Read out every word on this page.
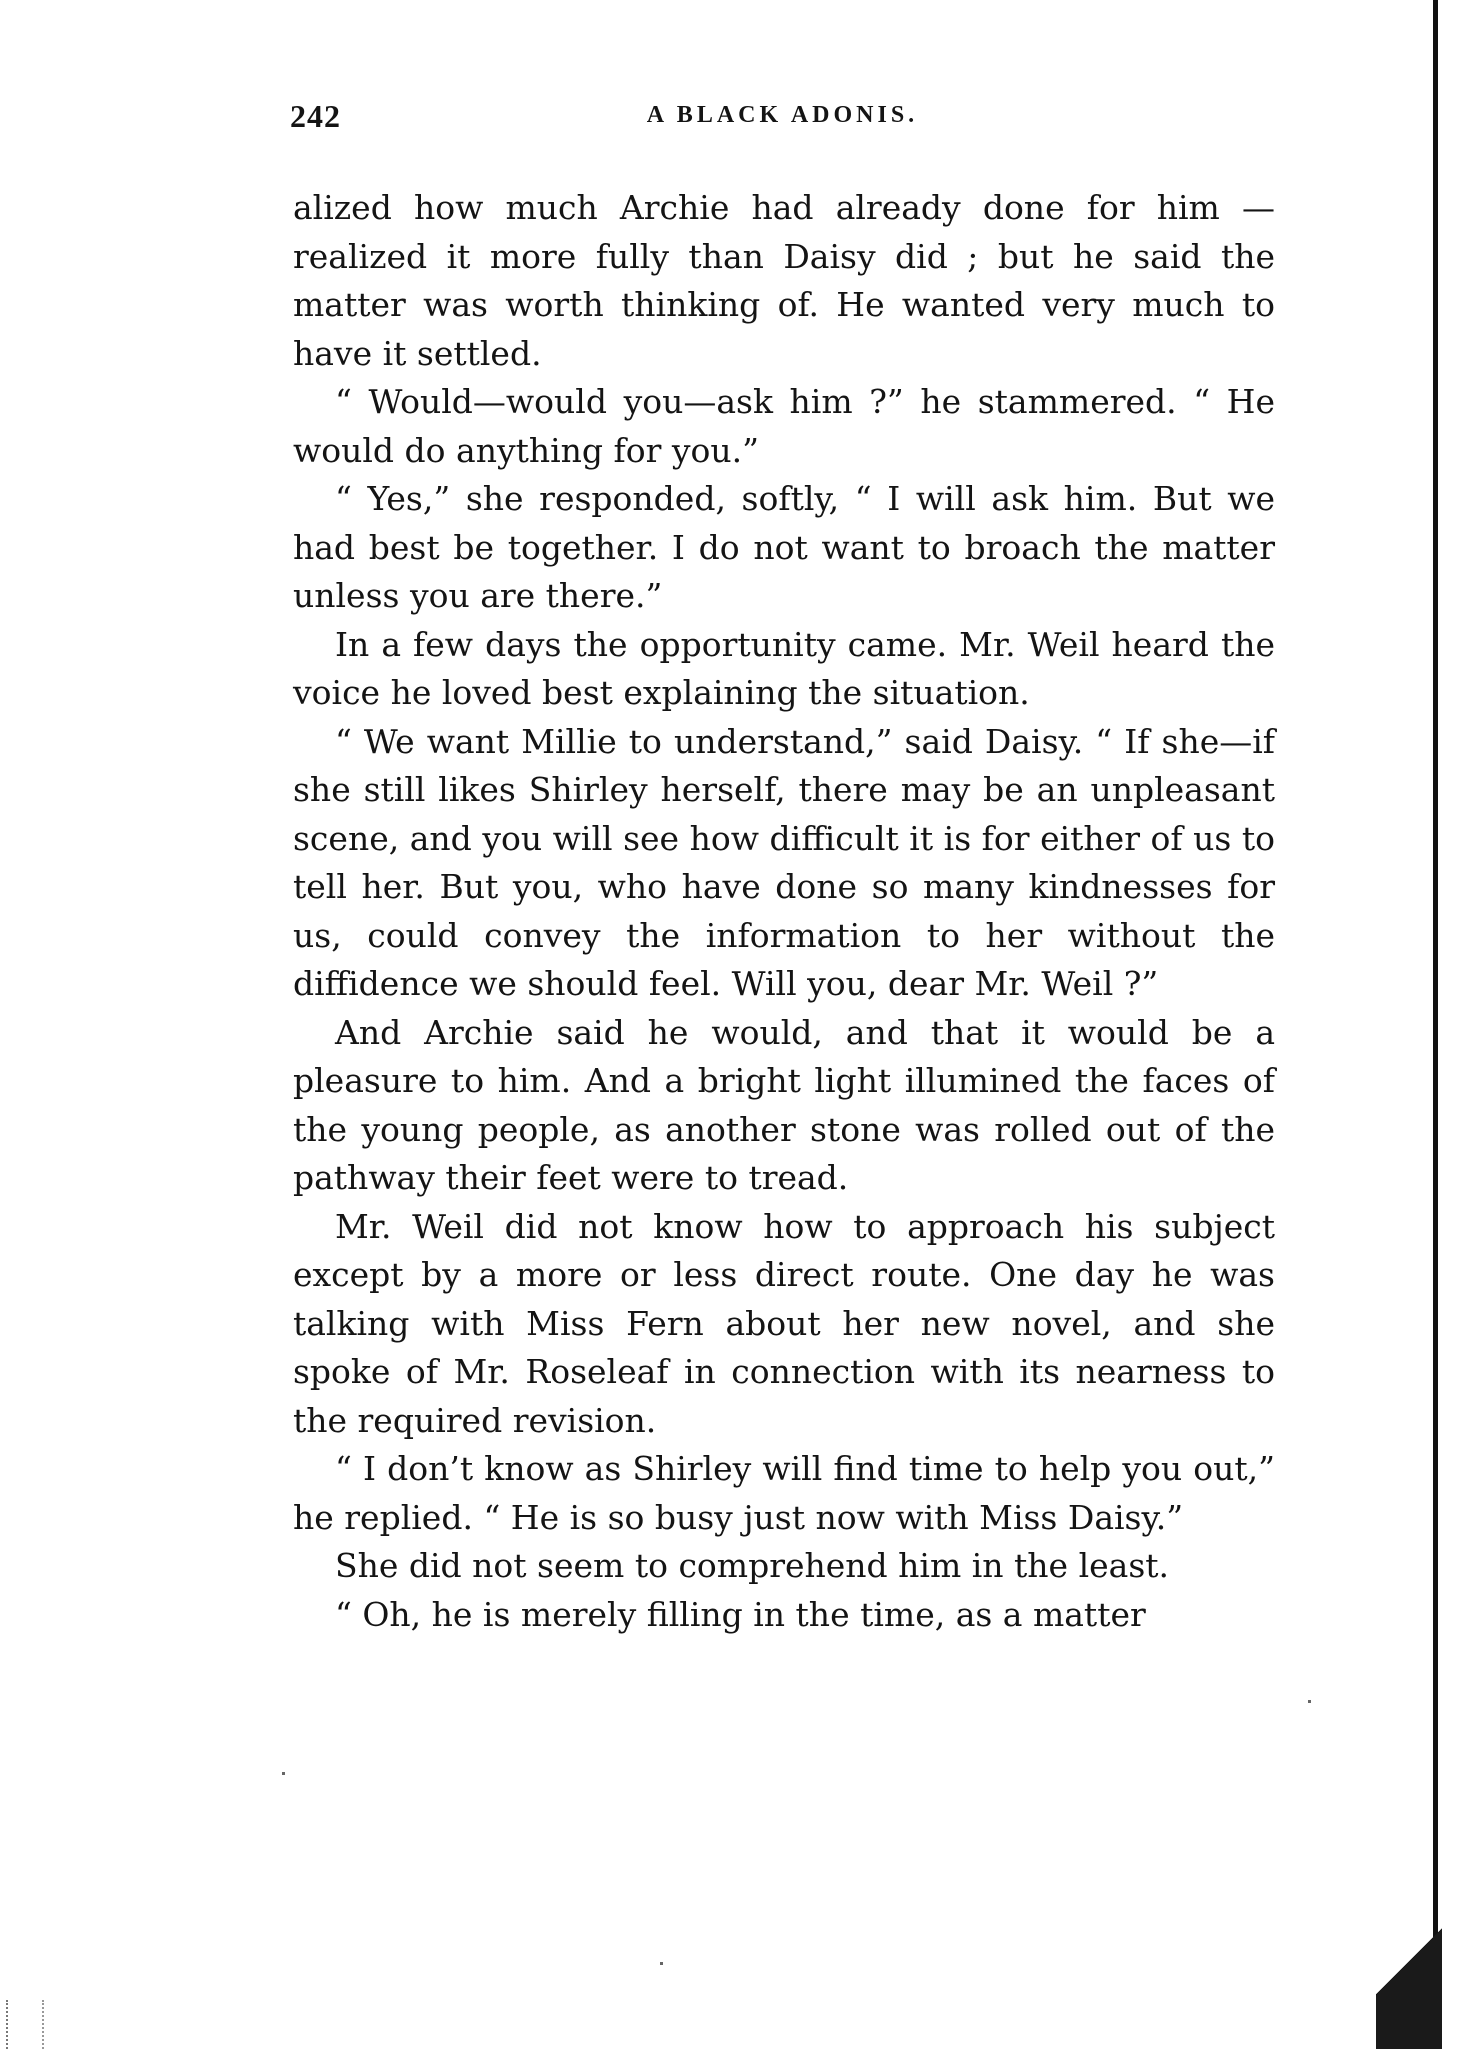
242	A BLACK ADONIS.

alized how much Archie had already done for him —realized it more fully than Daisy did ; but he said the matter was worth thinking of. He wanted very much to have it settled.

“ Would—would you—ask him ?” he stammered. “ He would do anything for you.”

“ Yes,” she responded, softly, “ I will ask him. But we had best be together. I do not want to broach the matter unless you are there.”

In a few days the opportunity came. Mr. Weil heard the voice he loved best explaining the situation.

“ We want Millie to understand,” said Daisy. “ If she—if she still likes Shirley herself, there may be an unpleasant scene, and you will see how difficult it is for either of us to tell her. But you, who have done so many kindnesses for us, could convey the information to her without the diffidence we should feel. Will you, dear Mr. Weil ?”

And Archie said he would, and that it would be a pleasure to him. And a bright light illumined the faces of the young people, as another stone was rolled out of the pathway their feet were to tread.

Mr. Weil did not know how to approach his subject except by a more or less direct route. One day he was talking with Miss Fern about her new novel, and she spoke of Mr. Roseleaf in connection with its nearness to the required revision.

“ I don’t know as Shirley will find time to help you out,” he replied. “ He is so busy just now with Miss Daisy.”

She did not seem to comprehend him in the least.

“ Oh, he is merely filling in the time, as a matter
